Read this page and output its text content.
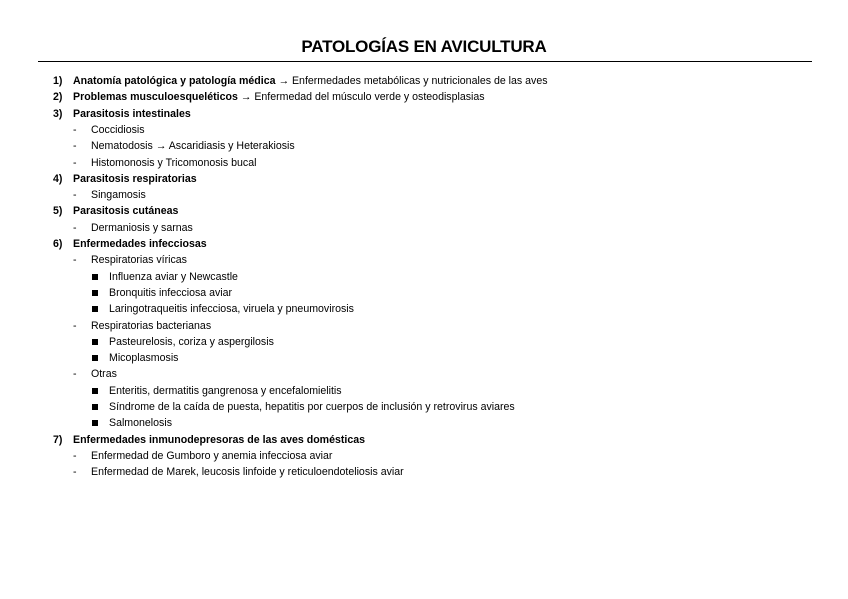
PATOLOGÍAS EN AVICULTURA
1) Anatomía patológica y patología médica → Enfermedades metabólicas y nutricionales de las aves
2) Problemas musculoesqueléticos → Enfermedad del músculo verde y osteodisplasias
3) Parasitosis intestinales
- Coccidiosis
- Nematodosis → Ascaridiasis y Heterakiosis
- Histomonosis y Tricomonosis bucal
4) Parasitosis respiratorias
- Singamosis
5) Parasitosis cutáneas
- Dermaniosis y sarnas
6) Enfermedades infecciosas
- Respiratorias víricas
Influenza aviar y Newcastle
Bronquitis infecciosa aviar
Laringotraqueitis infecciosa, viruela y pneumovirosis
- Respiratorias bacterianas
Pasteurelosis, coriza y aspergilosis
Micoplasmosis
- Otras
Enteritis, dermatitis gangrenosa y encefalomielitis
Síndrome de la caída de puesta, hepatitis por cuerpos de inclusión y retrovirus aviares
Salmonelosis
7) Enfermedades inmunodepresoras de las aves domésticas
- Enfermedad de Gumboro y anemia infecciosa aviar
- Enfermedad de Marek, leucosis linfoide y reticuloendoteliosis aviar
